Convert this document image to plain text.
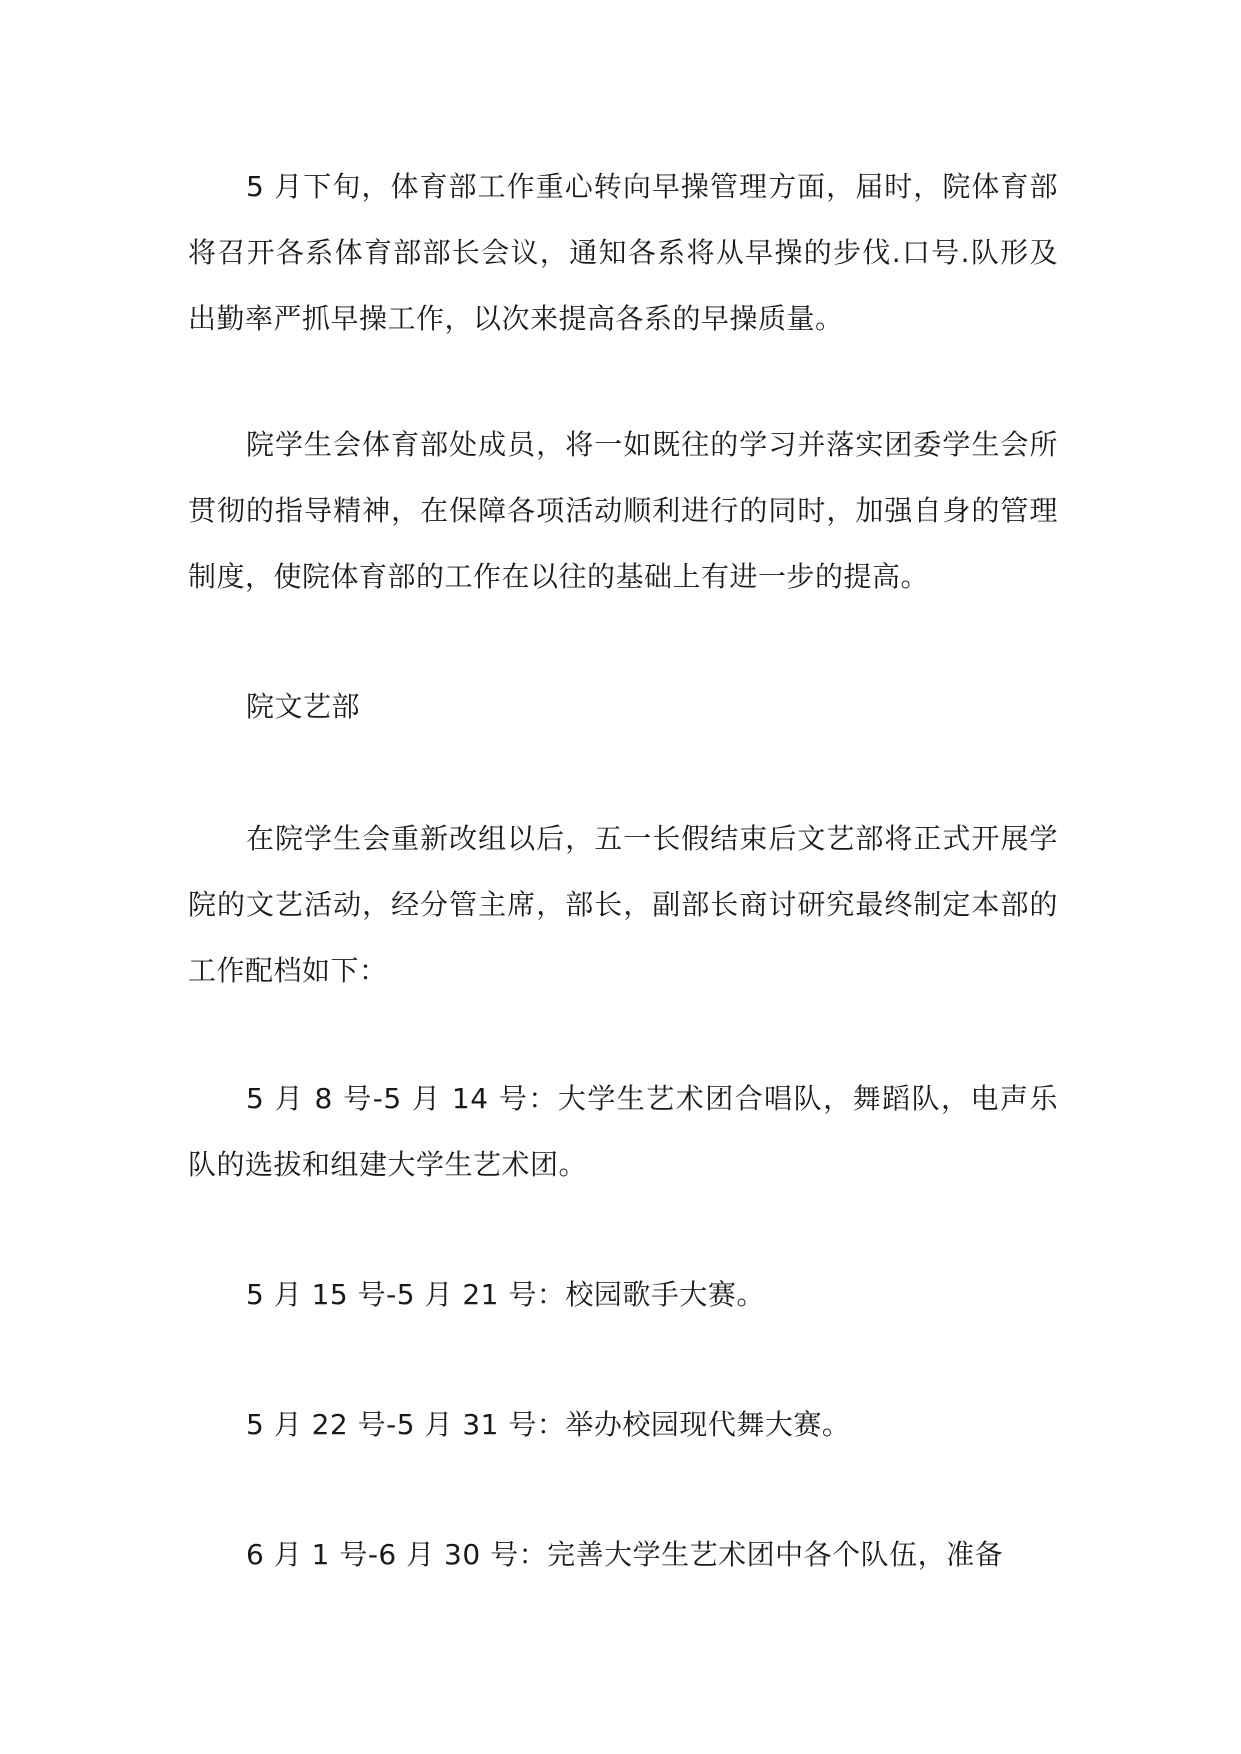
5 月下旬，体育部工作重心转向早操管理方面，届时，院体育部将召开各系体育部部长会议，通知各系将从早操的步伐.口号.队形及出勤率严抓早操工作，以次来提高各系的早操质量。

院学生会体育部处成员，将一如既往的学习并落实团委学生会所贯彻的指导精神，在保障各项活动顺利进行的同时，加强自身的管理制度，使院体育部的工作在以往的基础上有进一步的提高。

院文艺部

在院学生会重新改组以后，五一长假结束后文艺部将正式开展学院的文艺活动，经分管主席，部长，副部长商讨研究最终制定本部的工作配档如下：

5 月 8 号-5 月 14 号：大学生艺术团合唱队，舞蹈队，电声乐队的选拔和组建大学生艺术团。

5 月 15 号-5 月 21 号：校园歌手大赛。

5 月 22 号-5 月 31 号：举办校园现代舞大赛。

6 月 1 号-6 月 30 号：完善大学生艺术团中各个队伍，准备
